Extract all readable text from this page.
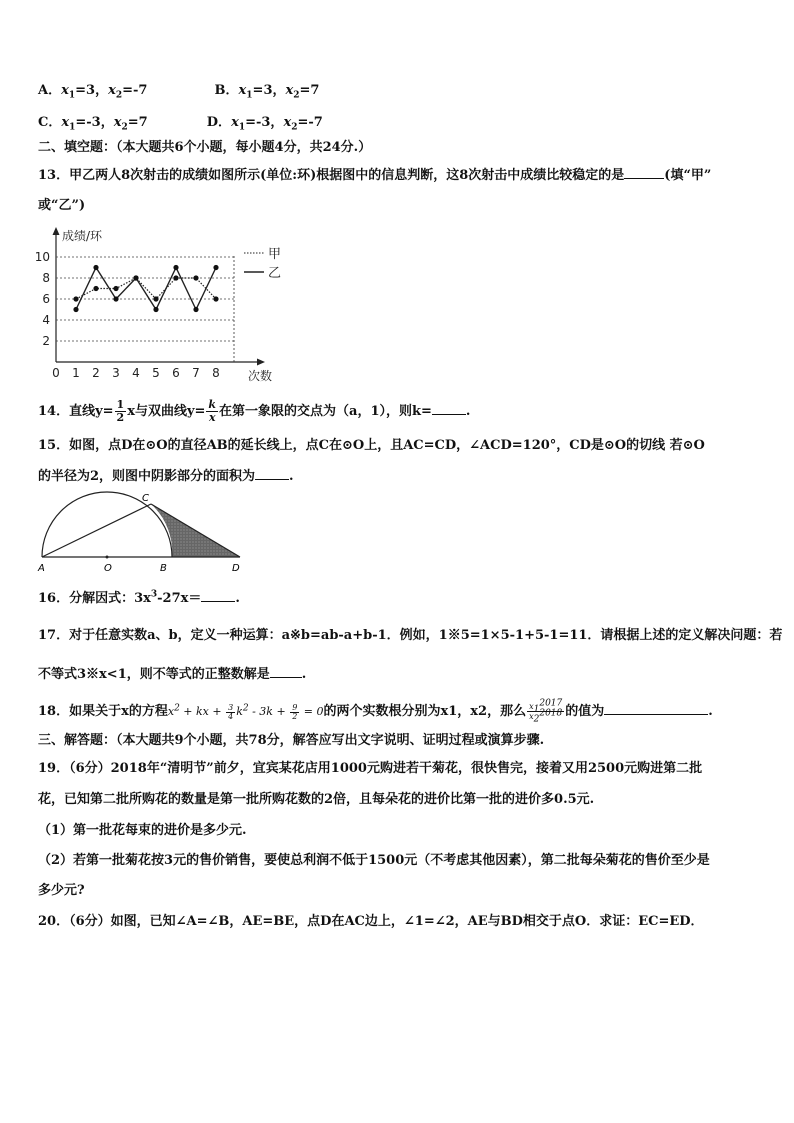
A．$x_1=3$，$x_2=-7$	B．$x_1=3$，$x_2=7$
C．$x_1=-3$，$x_2=7$	D．$x_1=-3$，$x_2=-7$
二、填空题：（本大题共6个小题，每小题4分，共24分.）
13．甲乙两人8次射击的成绩如图所示(单位:环)根据图中的信息判断，这8次射击中成绩比较稳定的是	(填“甲”
或“乙”)
2
4
6
8
10
0 1 2 3 4 5 6 7 8
成绩/环
次数
甲
乙
14．直线$y= \frac{1}{2}$ x与双曲线$y= \frac{k}{x}$ 在第一象限的交点为（a，1），则k=	.
15．如图，点D在⊙O的直径AB的延长线上，点C在⊙O上，且AC=CD，∠ACD=120°，CD是⊙O的切线 若⊙O
的半径为2，则图中阴影部分的面积为	.
C
A	O	B	D
16．分解因式：$3x^3-27x=$	.
17．对于任意实数a、b，定义一种运算：a※b=ab-a+b-1．例如，1※5=1×5-1+5-1=11．请根据上述的定义解决问题：若
不等式3※x<1，则不等式的正整数解是 .
18．如果关于x的方程$x^2$ + kx + $\frac{3}{4} k^2 - 3k + \frac{9}{2} = 0$的两个实数根分别为x1，x2，那么 $\frac{x_1^{2017}}{x_2^{2018}}$ 的值为	.
三、解答题：（本大题共9个小题，共78分，解答应写出文字说明、证明过程或演算步骤.
19．（6分）2018年“清明节”前夕，宜宾某花店用1000元购进若干菊花，很快售完，接着又用2500元购进第二批
花，已知第二批所购花的数量是第一批所购花数的2倍，且每朵花的进价比第一批的进价多0.5元.
（1）第一批花每束的进价是多少元.
（2）若第一批菊花按3元的售价销售，要使总利润不低于1500元（不考虑其他因素），第二批每朵菊花的售价至少是
多少元?
20．（6分）如图，已知∠A=∠B，AE=BE，点D在AC边上，∠1=∠2，AE与BD相交于点O．求证：EC=ED．
